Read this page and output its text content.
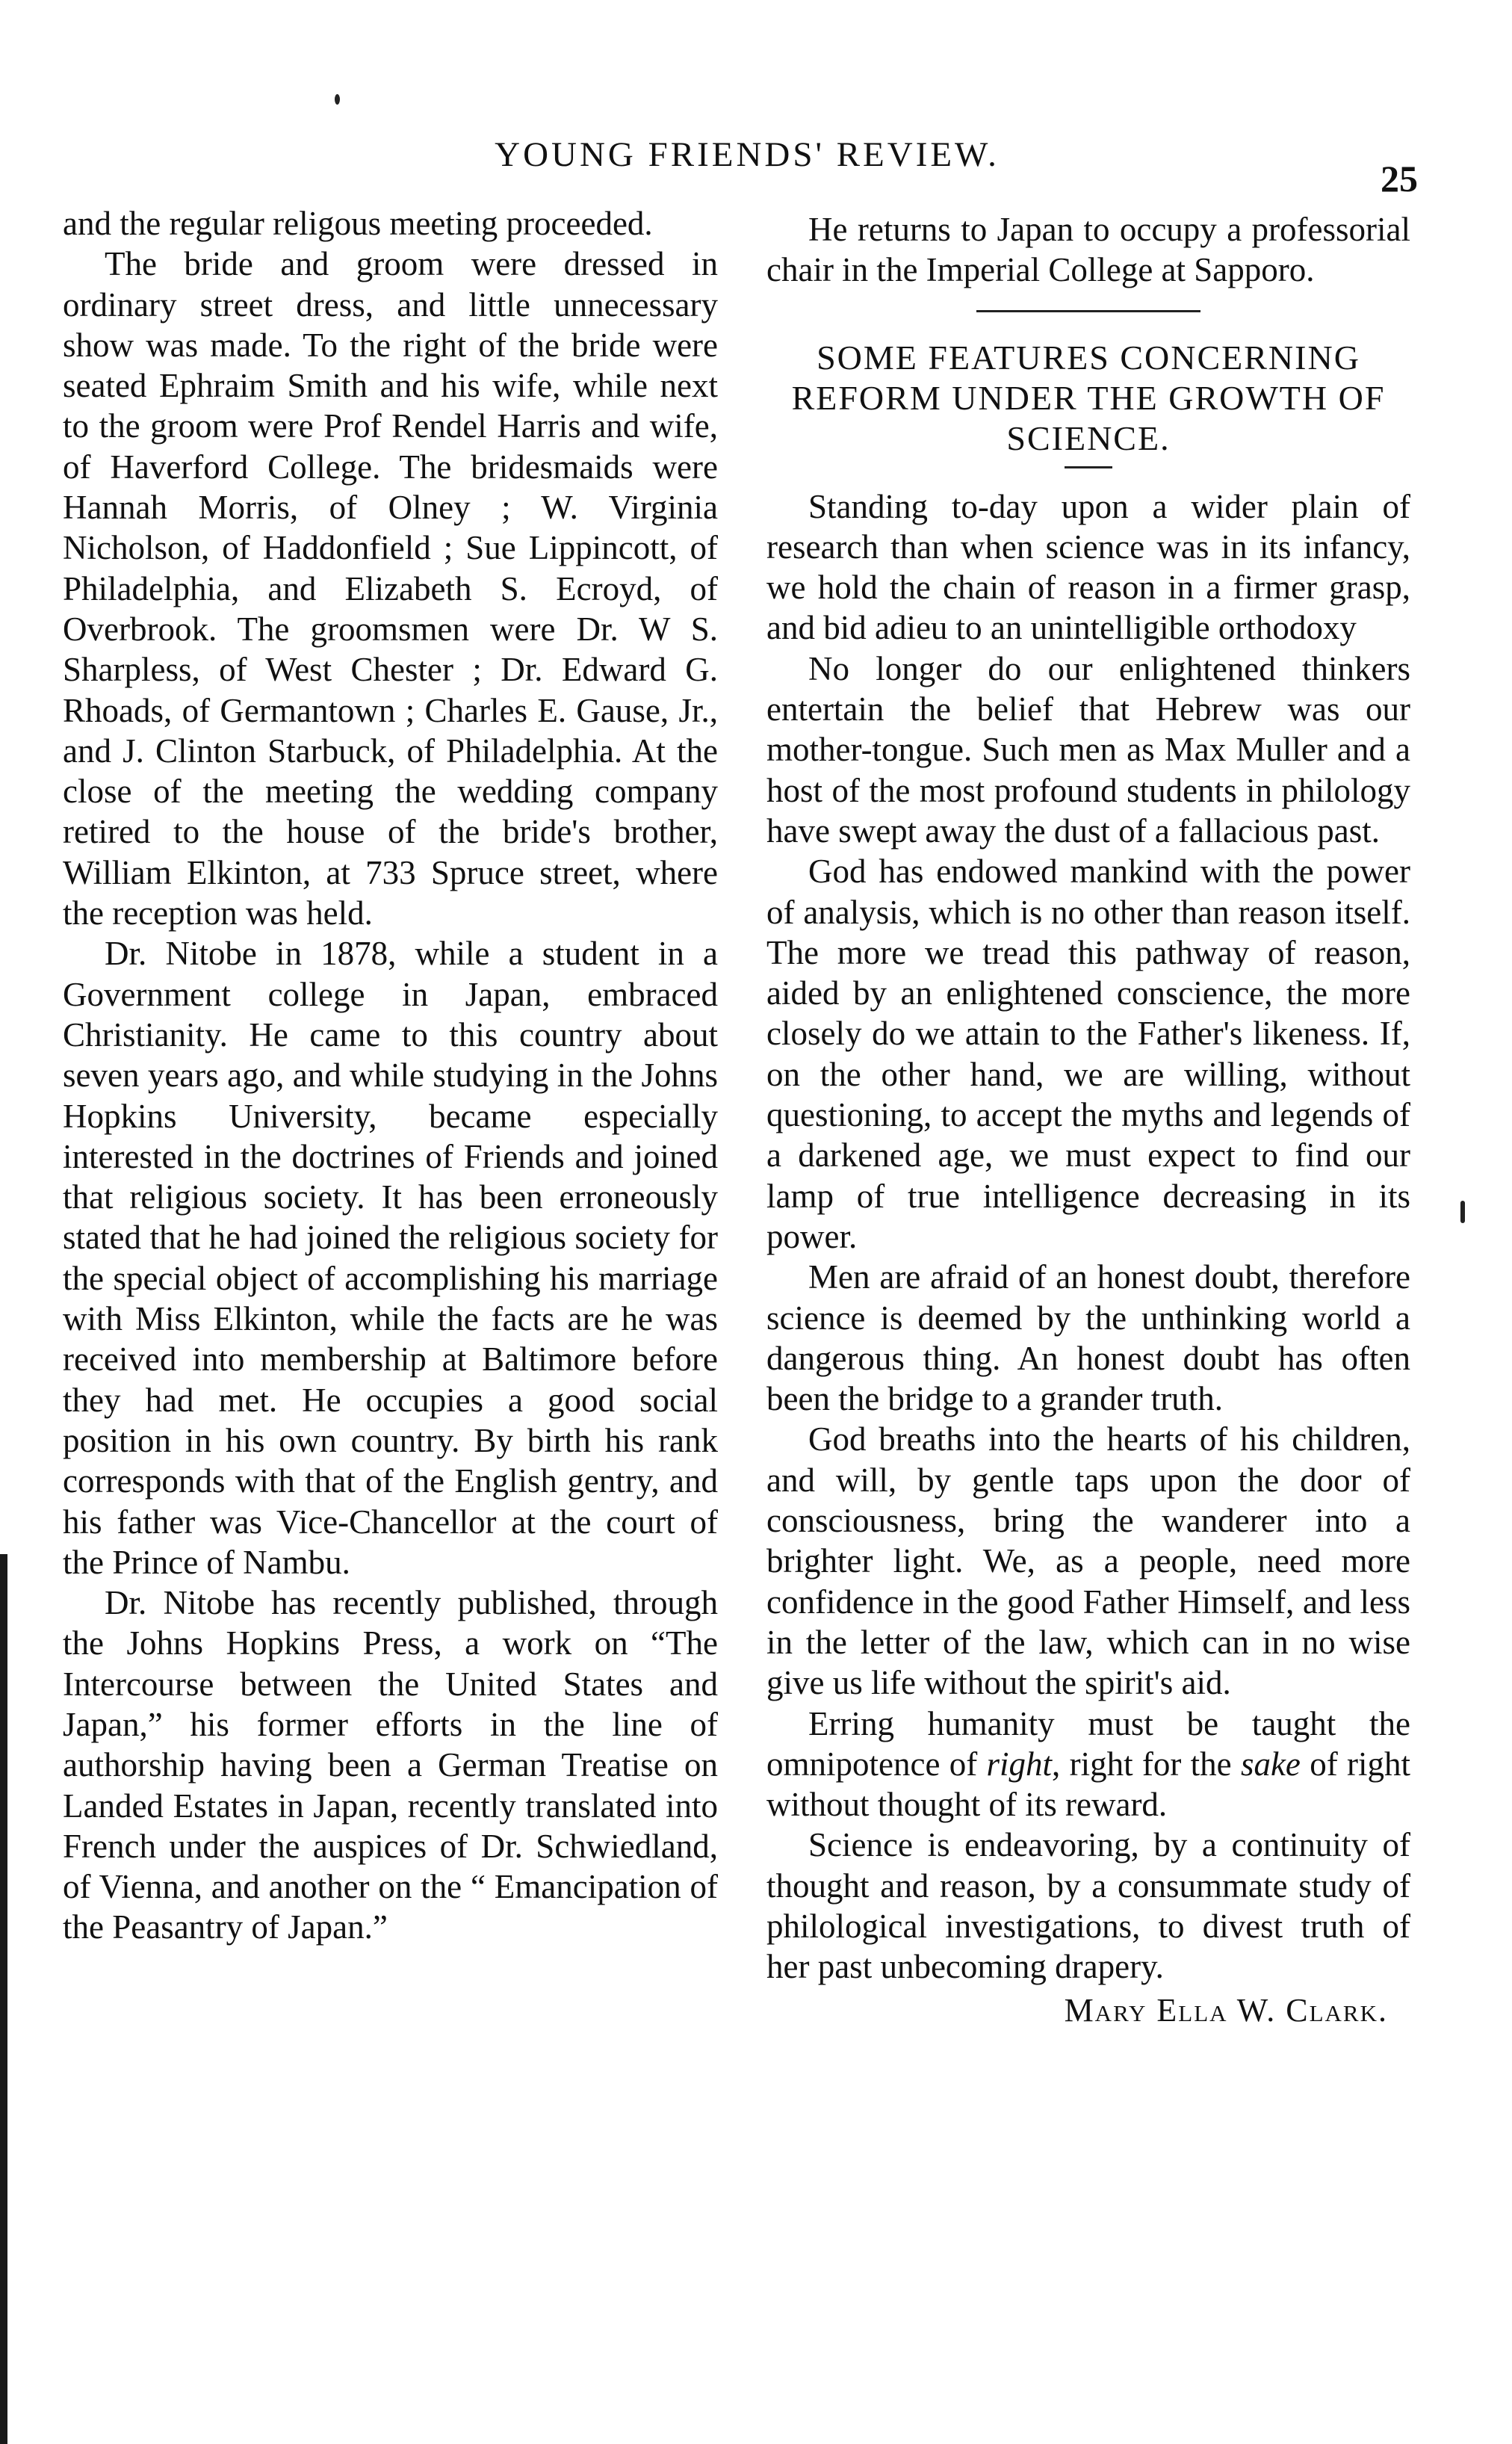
YOUNG FRIENDS' REVIEW.
25

and the regular religous meeting proceeded.

The bride and groom were dressed in ordinary street dress, and little unnecessary show was made. To the right of the bride were seated Ephraim Smith and his wife, while next to the groom were Prof Rendel Harris and wife, of Haverford College. The bridesmaids were Hannah Morris, of Olney ; W. Virginia Nicholson, of Haddonfield ; Sue Lippincott, of Philadelphia, and Elizabeth S. Ecroyd, of Overbrook. The groomsmen were Dr. W S. Sharpless, of West Chester ; Dr. Edward G. Rhoads, of Germantown ; Charles E. Gause, Jr., and J. Clinton Starbuck, of Philadelphia. At the close of the meeting the wedding company retired to the house of the bride's brother, William Elkinton, at 733 Spruce street, where the reception was held.

Dr. Nitobe in 1878, while a student in a Government college in Japan, embraced Christianity. He came to this country about seven years ago, and while studying in the Johns Hopkins University, became especially interested in the doctrines of Friends and joined that religious society. It has been erroneously stated that he had joined the religious society for the special object of accomplishing his marriage with Miss Elkinton, while the facts are he was received into membership at Baltimore before they had met. He occupies a good social position in his own country. By birth his rank corresponds with that of the English gentry, and his father was Vice-Chancellor at the court of the Prince of Nambu.

Dr. Nitobe has recently published, through the Johns Hopkins Press, a work on “The Intercourse between the United States and Japan,” his former efforts in the line of authorship having been a German Treatise on Landed Estates in Japan, recently translated into French under the auspices of Dr. Schwiedland, of Vienna, and another on the “ Emancipation of the Peasantry of Japan.”

He returns to Japan to occupy a professorial chair in the Imperial College at Sapporo.

SOME FEATURES CONCERNING REFORM UNDER THE GROWTH OF SCIENCE.

Standing to-day upon a wider plain of research than when science was in its infancy, we hold the chain of reason in a firmer grasp, and bid adieu to an unintelligible orthodoxy

No longer do our enlightened thinkers entertain the belief that Hebrew was our mother-tongue. Such men as Max Muller and a host of the most profound students in philology have swept away the dust of a fallacious past.

God has endowed mankind with the power of analysis, which is no other than reason itself. The more we tread this pathway of reason, aided by an enlightened conscience, the more closely do we attain to the Father's likeness. If, on the other hand, we are willing, without questioning, to accept the myths and legends of a darkened age, we must expect to find our lamp of true intelligence decreasing in its power.

Men are afraid of an honest doubt, therefore science is deemed by the unthinking world a dangerous thing. An honest doubt has often been the bridge to a grander truth.

God breaths into the hearts of his children, and will, by gentle taps upon the door of consciousness, bring the wanderer into a brighter light. We, as a people, need more confidence in the good Father Himself, and less in the letter of the law, which can in no wise give us life without the spirit's aid.

Erring humanity must be taught the omnipotence of right, right for the sake of right without thought of its reward.

Science is endeavoring, by a continuity of thought and reason, by a consummate study of philological investigations, to divest truth of her past unbecoming drapery.

Mary Ella W. Clark.
